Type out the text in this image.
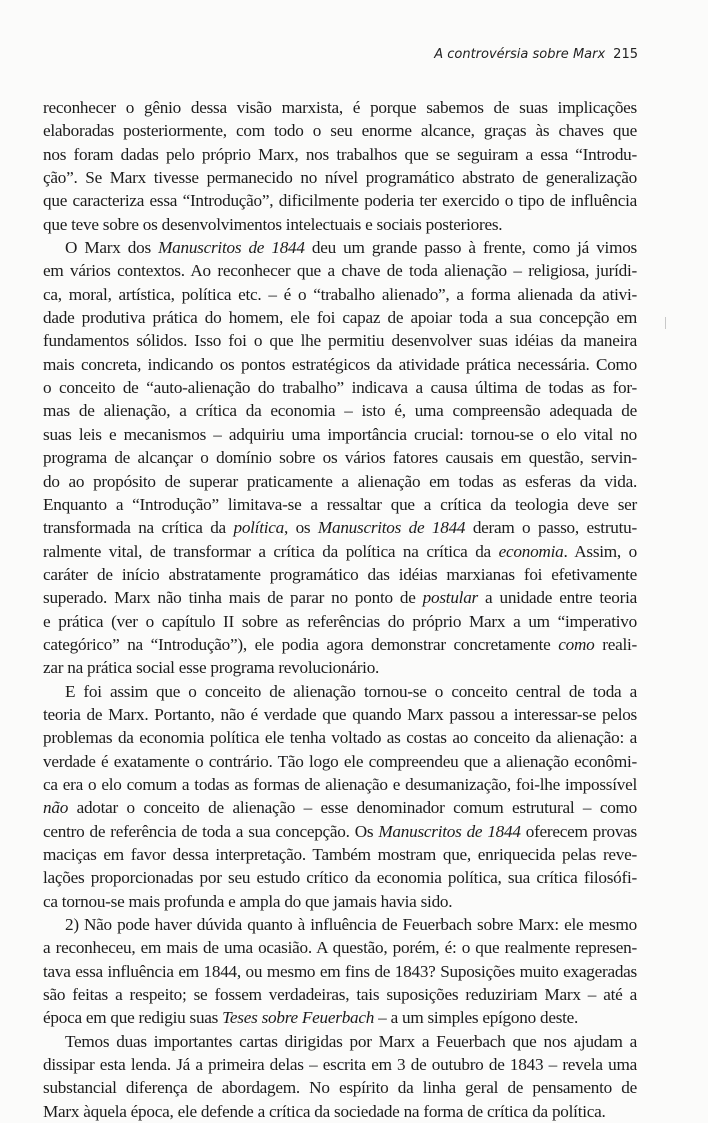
A controvérsia sobre Marx 215
reconhecer o gênio dessa visão marxista, é porque sabemos de suas implicações
elaboradas posteriormente, com todo o seu enorme alcance, graças às chaves que
nos foram dadas pelo próprio Marx, nos trabalhos que se seguiram a essa “Introdu-
ção”. Se Marx tivesse permanecido no nível programático abstrato de generalização
que caracteriza essa “Introdução”, dificilmente poderia ter exercido o tipo de influência
que teve sobre os desenvolvimentos intelectuais e sociais posteriores.
O Marx dos Manuscritos de 1844 deu um grande passo à frente, como já vimos
em vários contextos. Ao reconhecer que a chave de toda alienação – religiosa, jurídi-
ca, moral, artística, política etc. – é o “trabalho alienado”, a forma alienada da ativi-
dade produtiva prática do homem, ele foi capaz de apoiar toda a sua concepção em
fundamentos sólidos. Isso foi o que lhe permitiu desenvolver suas idéias da maneira
mais concreta, indicando os pontos estratégicos da atividade prática necessária. Como
o conceito de “auto-alienação do trabalho” indicava a causa última de todas as for-
mas de alienação, a crítica da economia – isto é, uma compreensão adequada de
suas leis e mecanismos – adquiriu uma importância crucial: tornou-se o elo vital no
programa de alcançar o domínio sobre os vários fatores causais em questão, servin-
do ao propósito de superar praticamente a alienação em todas as esferas da vida.
Enquanto a “Introdução” limitava-se a ressaltar que a crítica da teologia deve ser
transformada na crítica da política, os Manuscritos de 1844 deram o passo, estrutu-
ralmente vital, de transformar a crítica da política na crítica da economia. Assim, o
caráter de início abstratamente programático das idéias marxianas foi efetivamente
superado. Marx não tinha mais de parar no ponto de postular a unidade entre teoria
e prática (ver o capítulo II sobre as referências do próprio Marx a um “imperativo
categórico” na “Introdução”), ele podia agora demonstrar concretamente como reali-
zar na prática social esse programa revolucionário.
E foi assim que o conceito de alienação tornou-se o conceito central de toda a
teoria de Marx. Portanto, não é verdade que quando Marx passou a interessar-se pelos
problemas da economia política ele tenha voltado as costas ao conceito da alienação: a
verdade é exatamente o contrário. Tão logo ele compreendeu que a alienação econômi-
ca era o elo comum a todas as formas de alienação e desumanização, foi-lhe impossível
não adotar o conceito de alienação – esse denominador comum estrutural – como
centro de referência de toda a sua concepção. Os Manuscritos de 1844 oferecem provas
maciças em favor dessa interpretação. Também mostram que, enriquecida pelas reve-
lações proporcionadas por seu estudo crítico da economia política, sua crítica filosófi-
ca tornou-se mais profunda e ampla do que jamais havia sido.
2) Não pode haver dúvida quanto à influência de Feuerbach sobre Marx: ele mesmo
a reconheceu, em mais de uma ocasião. A questão, porém, é: o que realmente represen-
tava essa influência em 1844, ou mesmo em fins de 1843? Suposições muito exageradas
são feitas a respeito; se fossem verdadeiras, tais suposições reduziriam Marx – até a
época em que redigiu suas Teses sobre Feuerbach – a um simples epígono deste.
Temos duas importantes cartas dirigidas por Marx a Feuerbach que nos ajudam a
dissipar esta lenda. Já a primeira delas – escrita em 3 de outubro de 1843 – revela uma
substancial diferença de abordagem. No espírito da linha geral de pensamento de
Marx àquela época, ele defende a crítica da sociedade na forma de crítica da política.
